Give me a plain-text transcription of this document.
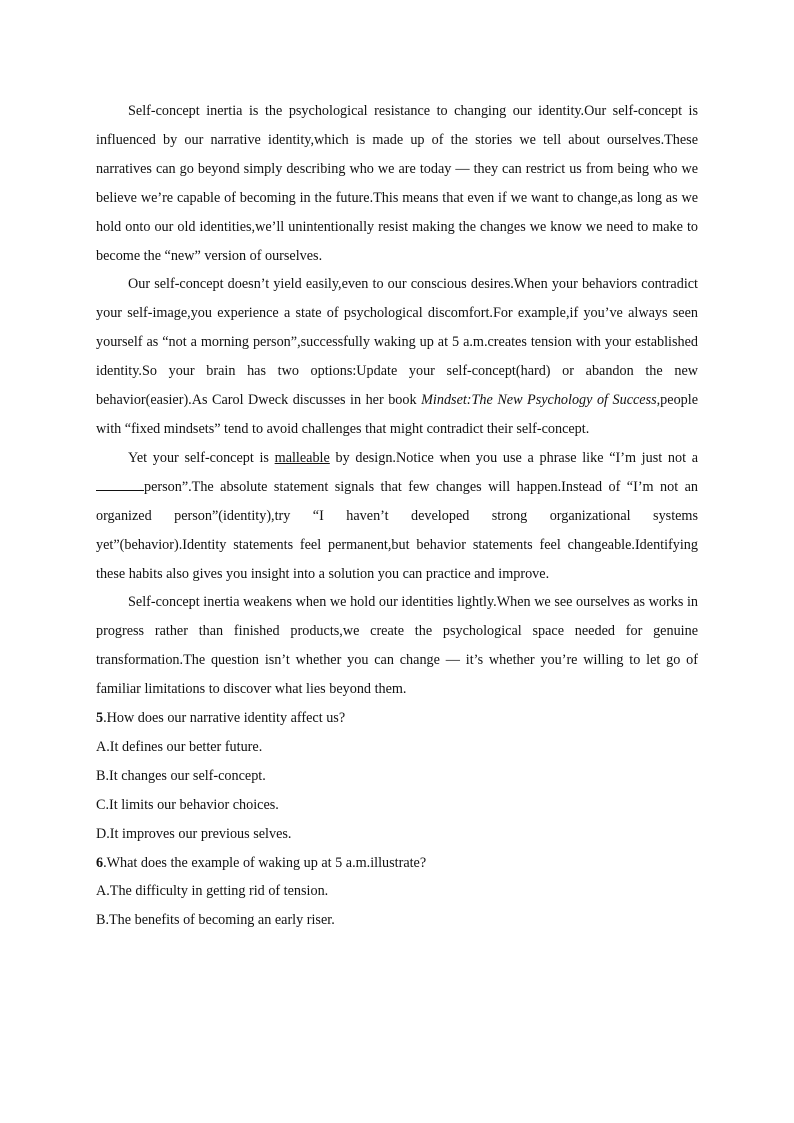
Self-concept inertia is the psychological resistance to changing our identity.Our self-concept is influenced by our narrative identity,which is made up of the stories we tell about ourselves.These narratives can go beyond simply describing who we are today — they can restrict us from being who we believe we’re capable of becoming in the future.This means that even if we want to change,as long as we hold onto our old identities,we’ll unintentionally resist making the changes we know we need to make to become the “new” version of ourselves.

Our self-concept doesn’t yield easily,even to our conscious desires.When your behaviors contradict your self-image,you experience a state of psychological discomfort.For example,if you’ve always seen yourself as “not a morning person”,successfully waking up at 5 a.m.creates tension with your established identity.So your brain has two options:Update your self-concept(hard) or abandon the new behavior(easier).As Carol Dweck discusses in her book Mindset:The New Psychology of Success,people with “fixed mindsets” tend to avoid challenges that might contradict their self-concept.

Yet your self-concept is malleable by design.Notice when you use a phrase like “I’m just not a person”.The absolute statement signals that few changes will happen.Instead of “I’m not an organized person”(identity),try “I haven’t developed strong organizational systems yet”(behavior).Identity statements feel permanent,but behavior statements feel changeable.Identifying these habits also gives you insight into a solution you can practice and improve.

Self-concept inertia weakens when we hold our identities lightly.When we see ourselves as works in progress rather than finished products,we create the psychological space needed for genuine transformation.The question isn’t whether you can change — it’s whether you’re willing to let go of familiar limitations to discover what lies beyond them.

5.How does our narrative identity affect us?

A.It defines our better future.

B.It changes our self-concept.

C.It limits our behavior choices.

D.It improves our previous selves.

6.What does the example of waking up at 5 a.m.illustrate?

A.The difficulty in getting rid of tension.

B.The benefits of becoming an early riser.
